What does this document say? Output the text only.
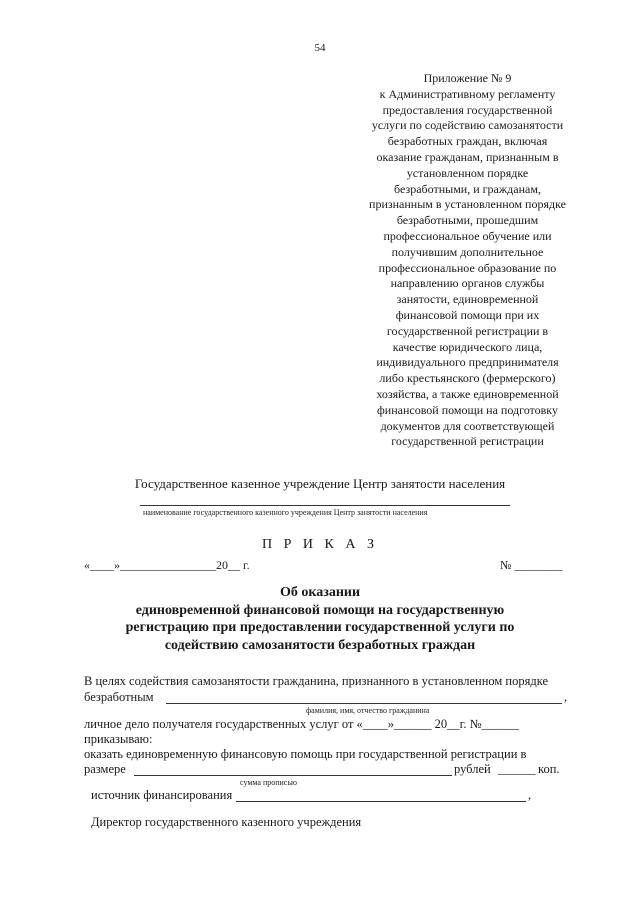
54
Приложение № 9
к Административному регламенту
предоставления государственной
услуги по содействию самозанятости
безработных граждан, включая
оказание гражданам, признанным в
установленном порядке
безработными, и гражданам,
признанным в установленном порядке
безработными, прошедшим
профессиональное обучение или
получившим дополнительное
профессиональное образование по
направлению органов службы
занятости, единовременной
финансовой помощи при их
государственной регистрации в
качестве юридического лица,
индивидуального предпринимателя
либо крестьянского (фермерского)
хозяйства, а также единовременной
финансовой помощи на подготовку
документов для соответствующей
государственной регистрации
Государственное казенное учреждение Центр занятости населения
наименование государственного казенного учреждения Центр занятости населения
П Р И К А З
«____»________________20__ г.	№ ________
Об оказании
единовременной финансовой помощи на государственную
регистрацию при предоставлении государственной услуги по
содействию самозанятости безработных граждан
В целях содействия самозанятости гражданина, признанного в установленном порядке
безработным	,
фамилия, имя, отчество гражданина
личное дело получателя государственных услуг от «____»______ 20__г. №______
приказываю:
оказать единовременную финансовую помощь при государственной регистрации в
размере	рублей ______ коп.
сумма прописью
источник финансирования	,
Директор государственного казенного учреждения
